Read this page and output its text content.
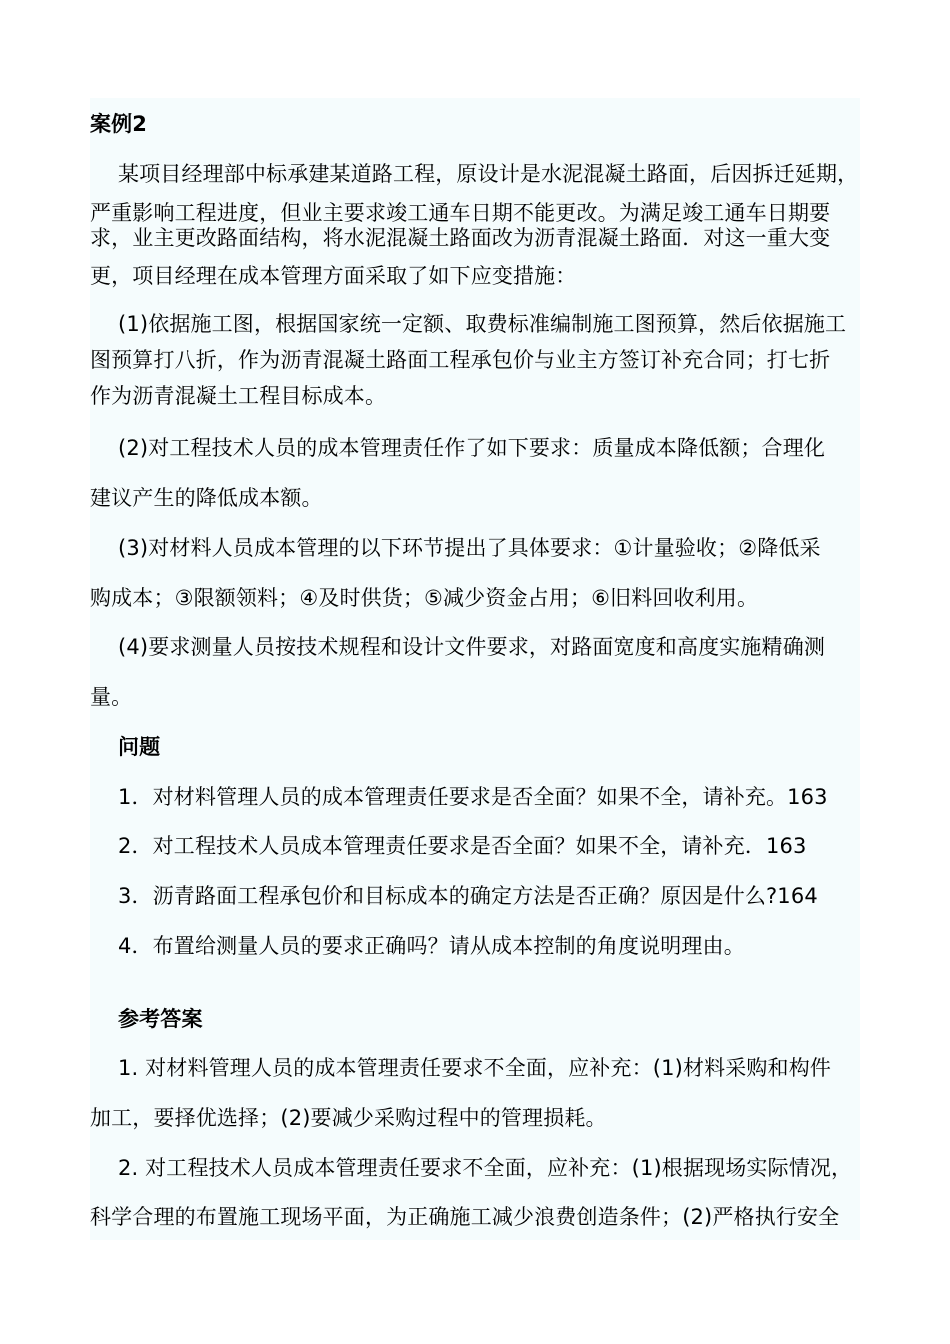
案例2
某项目经理部中标承建某道路工程，原设计是水泥混凝土路面，后因拆迁延期，
严重影响工程进度，但业主要求竣工通车日期不能更改。为满足竣工通车日期要
求，业主更改路面结构，将水泥混凝土路面改为沥青混凝土路面．对这一重大变
更，项目经理在成本管理方面采取了如下应变措施：
(1)依据施工图，根据国家统一定额、取费标准编制施工图预算，然后依据施工
图预算打八折，作为沥青混凝土路面工程承包价与业主方签订补充合同；打七折
作为沥青混凝土工程目标成本。
(2)对工程技术人员的成本管理责任作了如下要求：质量成本降低额；合理化
建议产生的降低成本额。
(3)对材料人员成本管理的以下环节提出了具体要求：①计量验收；②降低采
购成本；③限额领料；④及时供货；⑤减少资金占用；⑥旧料回收利用。
(4)要求测量人员按技术规程和设计文件要求，对路面宽度和高度实施精确测
量。
问题
1．对材料管理人员的成本管理责任要求是否全面？如果不全，请补充。163
2．对工程技术人员成本管理责任要求是否全面？如果不全，请补充．163
3．沥青路面工程承包价和目标成本的确定方法是否正确？原因是什么?164
4．布置给测量人员的要求正确吗？请从成本控制的角度说明理由。
参考答案
1. 对材料管理人员的成本管理责任要求不全面，应补充：(1)材料采购和构件
加工，要择优选择；(2)要减少采购过程中的管理损耗。
2. 对工程技术人员成本管理责任要求不全面，应补充：(1)根据现场实际情况，
科学合理的布置施工现场平面，为正确施工减少浪费创造条件；(2)严格执行安全
